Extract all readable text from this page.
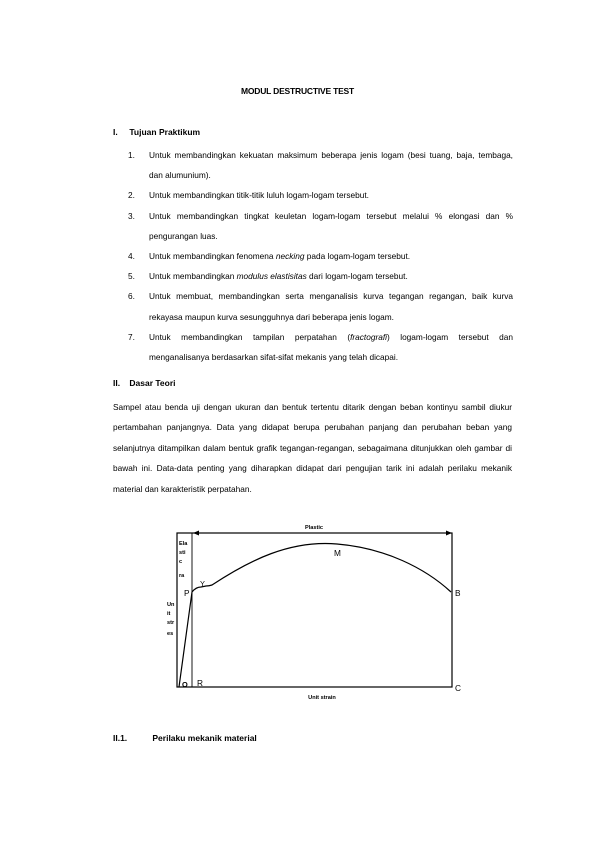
MODUL DESTRUCTIVE TEST
I. Tujuan Praktikum
1. Untuk membandingkan kekuatan maksimum beberapa jenis logam (besi tuang, baja, tembaga, dan alumunium).
2. Untuk membandingkan titik-titik luluh logam-logam tersebut.
3. Untuk membandingkan tingkat keuletan logam-logam tersebut melalui % elongasi dan % pengurangan luas.
4. Untuk membandingkan fenomena necking pada logam-logam tersebut.
5. Untuk membandingkan modulus elastisitas dari logam-logam tersebut.
6. Untuk membuat, membandingkan serta menganalisis kurva tegangan regangan, baik kurva rekayasa maupun kurva sesungguhnya dari beberapa jenis logam.
7. Untuk membandingkan tampilan perpatahan (fractografi) logam-logam tersebut dan menganalisanya berdasarkan sifat-sifat mekanis yang telah dicapai.
II. Dasar Teori

Sampel atau benda uji dengan ukuran dan bentuk tertentu ditarik dengan beban kontinyu sambil diukur pertambahan panjangnya. Data yang didapat berupa perubahan panjang dan perubahan beban yang selanjutnya ditampilkan dalam bentuk grafik tegangan-regangan, sebagaimana ditunjukkan oleh gambar di bawah ini. Data-data penting yang diharapkan didapat dari pengujian tarik ini adalah perilaku mekanik material dan karakteristik perpatahan.

Plastic
Ela
sti
c
ra
Un
it
str
es
Unit strain
M
B
P
Y
O R	C
II.1.	Perilaku mekanik material
